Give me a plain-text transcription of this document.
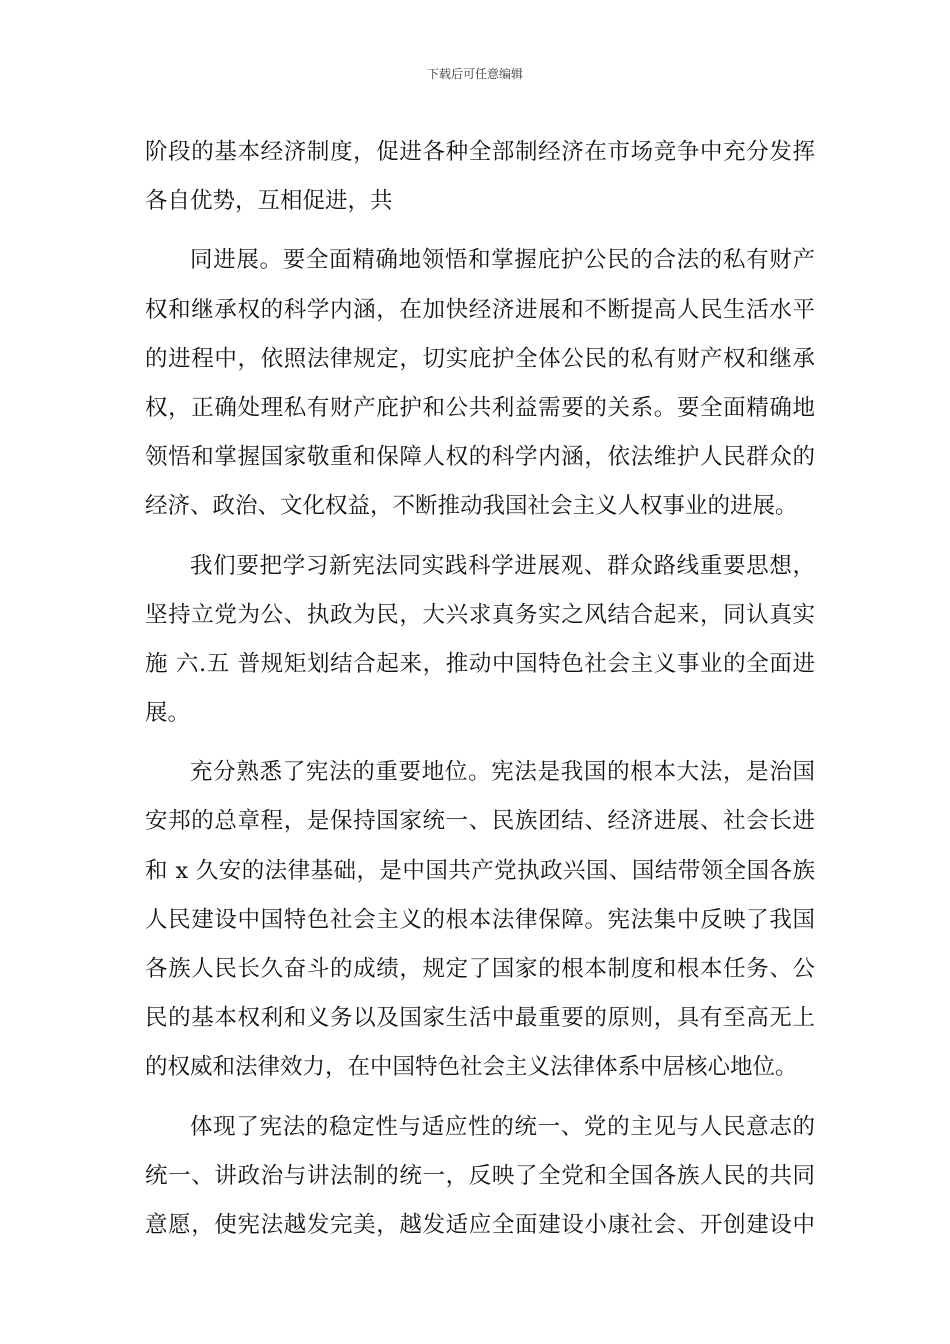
下载后可任意编辑
阶段的基本经济制度，促进各种全部制经济在市场竞争中充分发挥
各自优势，互相促进，共
同进展。要全面精确地领悟和掌握庇护公民的合法的私有财产
权和继承权的科学内涵，在加快经济进展和不断提高人民生活水平
的进程中，依照法律规定，切实庇护全体公民的私有财产权和继承
权，正确处理私有财产庇护和公共利益需要的关系。要全面精确地
领悟和掌握国家敬重和保障人权的科学内涵，依法维护人民群众的
经济、政治、文化权益，不断推动我国社会主义人权事业的进展。
我们要把学习新宪法同实践科学进展观、群众路线重要思想，
坚持立党为公、执政为民，大兴求真务实之风结合起来，同认真实
施 六.五 普规矩划结合起来，推动中国特色社会主义事业的全面进
展。
充分熟悉了宪法的重要地位。宪法是我国的根本大法，是治国
安邦的总章程，是保持国家统一、民族团结、经济进展、社会长进
和 x 久安的法律基础，是中国共产党执政兴国、国结带领全国各族
人民建设中国特色社会主义的根本法律保障。宪法集中反映了我国
各族人民长久奋斗的成绩，规定了国家的根本制度和根本任务、公
民的基本权利和义务以及国家生活中最重要的原则，具有至高无上
的权威和法律效力，在中国特色社会主义法律体系中居核心地位。
体现了宪法的稳定性与适应性的统一、党的主见与人民意志的
统一、讲政治与讲法制的统一，反映了全党和全国各族人民的共同
意愿，使宪法越发完美，越发适应全面建设小康社会、开创建设中
